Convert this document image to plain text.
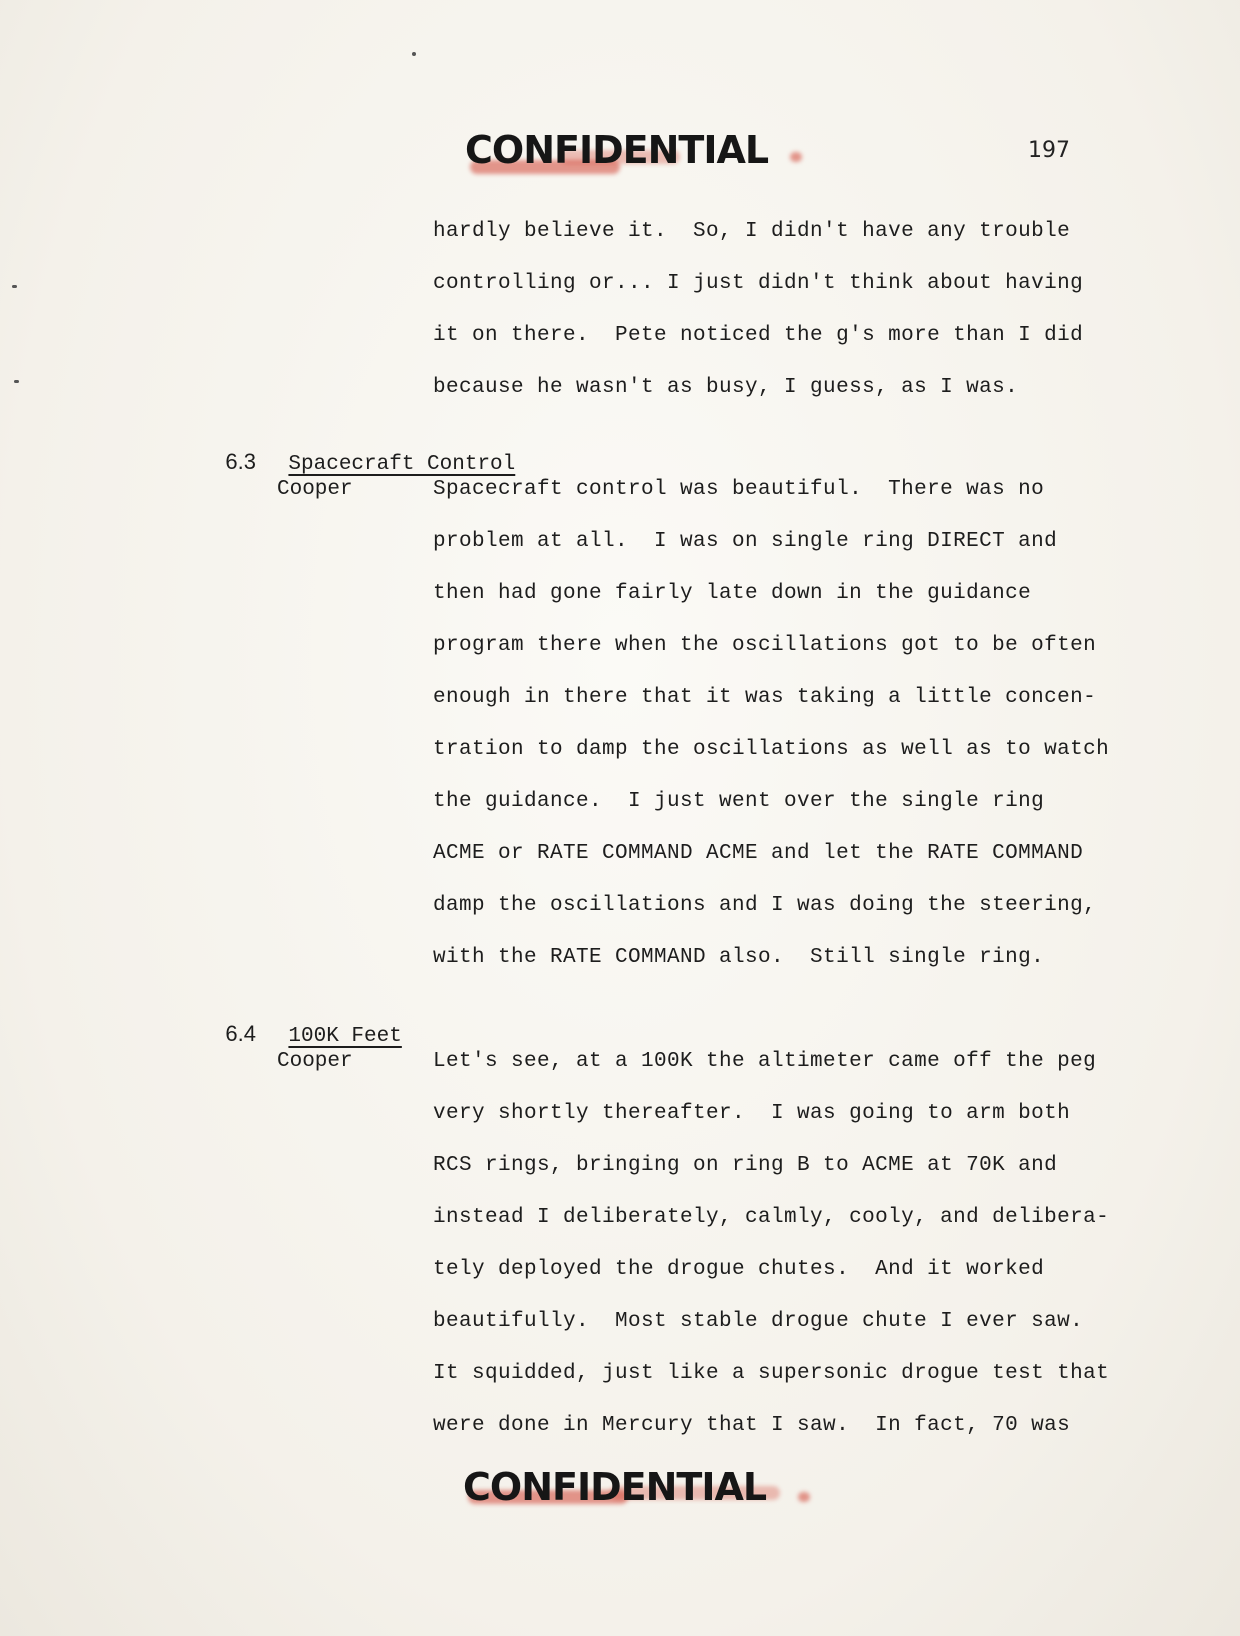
CONFIDENTIAL	197
hardly believe it.  So, I didn't have any trouble
controlling or... I just didn't think about having
it on there.  Pete noticed the g's more than I did
because he wasn't as busy, I guess, as I was.

6.3 Spacecraft Control

Cooper	Spacecraft control was beautiful.  There was no
problem at all.  I was on single ring DIRECT and
then had gone fairly late down in the guidance
program there when the oscillations got to be often
enough in there that it was taking a little concen-
tration to damp the oscillations as well as to watch
the guidance.  I just went over the single ring
ACME or RATE COMMAND ACME and let the RATE COMMAND
damp the oscillations and I was doing the steering,
with the RATE COMMAND also.  Still single ring.

6.4 100K Feet

Cooper	Let's see, at a 100K the altimeter came off the peg
very shortly thereafter.  I was going to arm both
RCS rings, bringing on ring B to ACME at 70K and
instead I deliberately, calmly, cooly, and delibera-
tely deployed the drogue chutes.  And it worked
beautifully.  Most stable drogue chute I ever saw.
It squidded, just like a supersonic drogue test that
were done in Mercury that I saw.  In fact, 70 was
CONFIDENTIAL
